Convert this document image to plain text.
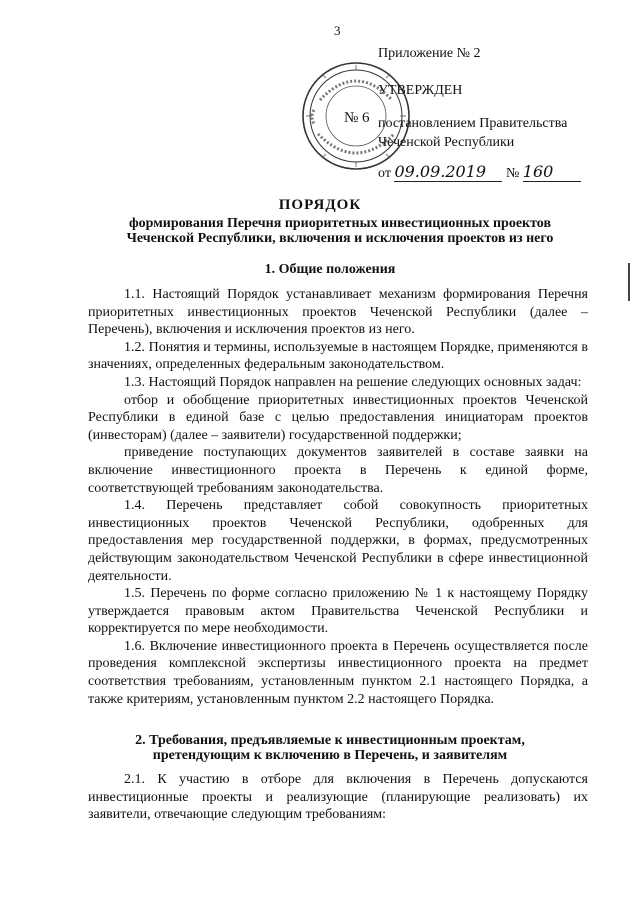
3
Приложение № 2
УТВЕРЖДЕН
постановлением Правительства
Чеченской Республики
от 09.09.2019 № 160
№ 6
ПОРЯДОК
формирования Перечня приоритетных инвестиционных проектов Чеченской Республики, включения и исключения проектов из него
1. Общие положения

1.1. Настоящий Порядок устанавливает механизм формирования Перечня приоритетных инвестиционных проектов Чеченской Республики (далее – Перечень), включения и исключения проектов из него.

1.2. Понятия и термины, используемые в настоящем Порядке, применяются в значениях, определенных федеральным законодательством.

1.3. Настоящий Порядок направлен на решение следующих основных задач:

отбор и обобщение приоритетных инвестиционных проектов Чеченской Республики в единой базе с целью предоставления инициаторам проектов (инвесторам) (далее – заявители) государственной поддержки;

приведение поступающих документов заявителей в составе заявки на включение инвестиционного проекта в Перечень к единой форме, соответствующей требованиям законодательства.

1.4. Перечень представляет собой совокупность приоритетных инвестиционных проектов Чеченской Республики, одобренных для предоставления мер государственной поддержки, в формах, предусмотренных действующим законодательством Чеченской Республики в сфере инвестиционной деятельности.

1.5. Перечень по форме согласно приложению № 1 к настоящему Порядку утверждается правовым актом Правительства Чеченской Республики и корректируется по мере необходимости.

1.6. Включение инвестиционного проекта в Перечень осуществляется после проведения комплексной экспертизы инвестиционного проекта на предмет соответствия требованиям, установленным пунктом 2.1 настоящего Порядка, а также критериям, установленным пунктом 2.2 настоящего Порядка.

2. Требования, предъявляемые к инвестиционным проектам,
претендующим к включению в Перечень, и заявителям

2.1. К участию в отборе для включения в Перечень допускаются инвестиционные проекты и реализующие (планирующие реализовать) их заявители, отвечающие следующим требованиям:
